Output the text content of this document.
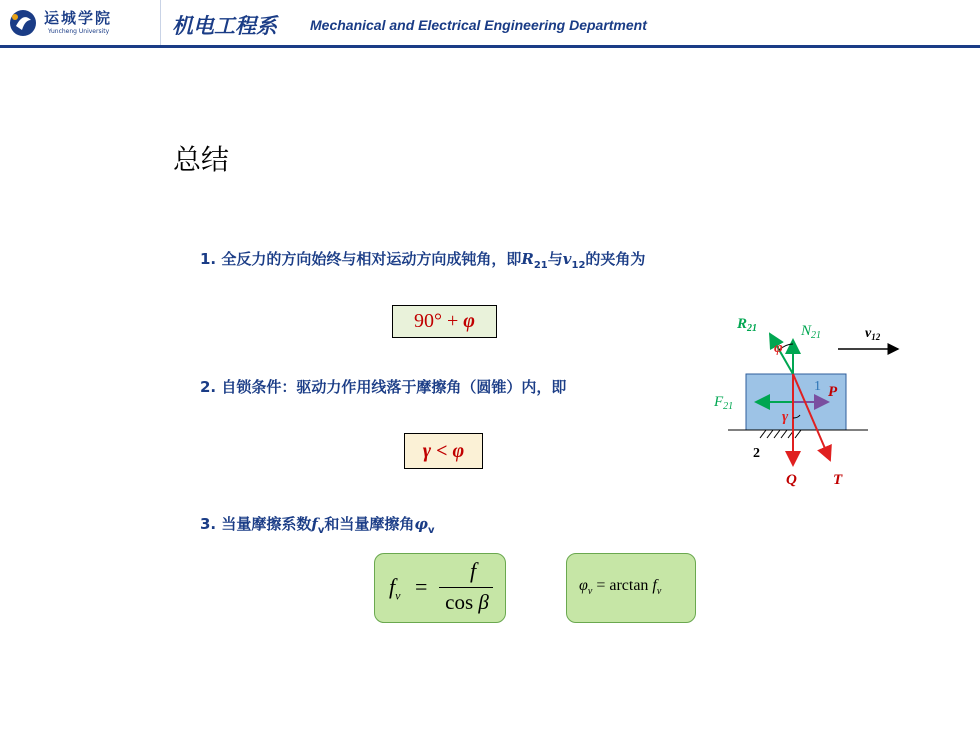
运城学院
Yuncheng University	机电工程系 Mechanical and Electrical Engineering Department
总结
1. 全反力的方向始终与相对运动方向成钝角，即$R_{21}$与$v_{12}$的夹角为
90° + φ
2. 自锁条件：驱动力作用线落于摩擦角（圆锥）内，即
γ < φ
3. 当量摩擦系数$f_v$和当量摩擦角$\varphi_v$
$f_v$ =
f
cos β
$\varphi_v = \arctan f_v$
$R_{21}$	$N_{21}$	$v_{12}$
φ
1 P
$F_{21}$
γ
2
Q T
